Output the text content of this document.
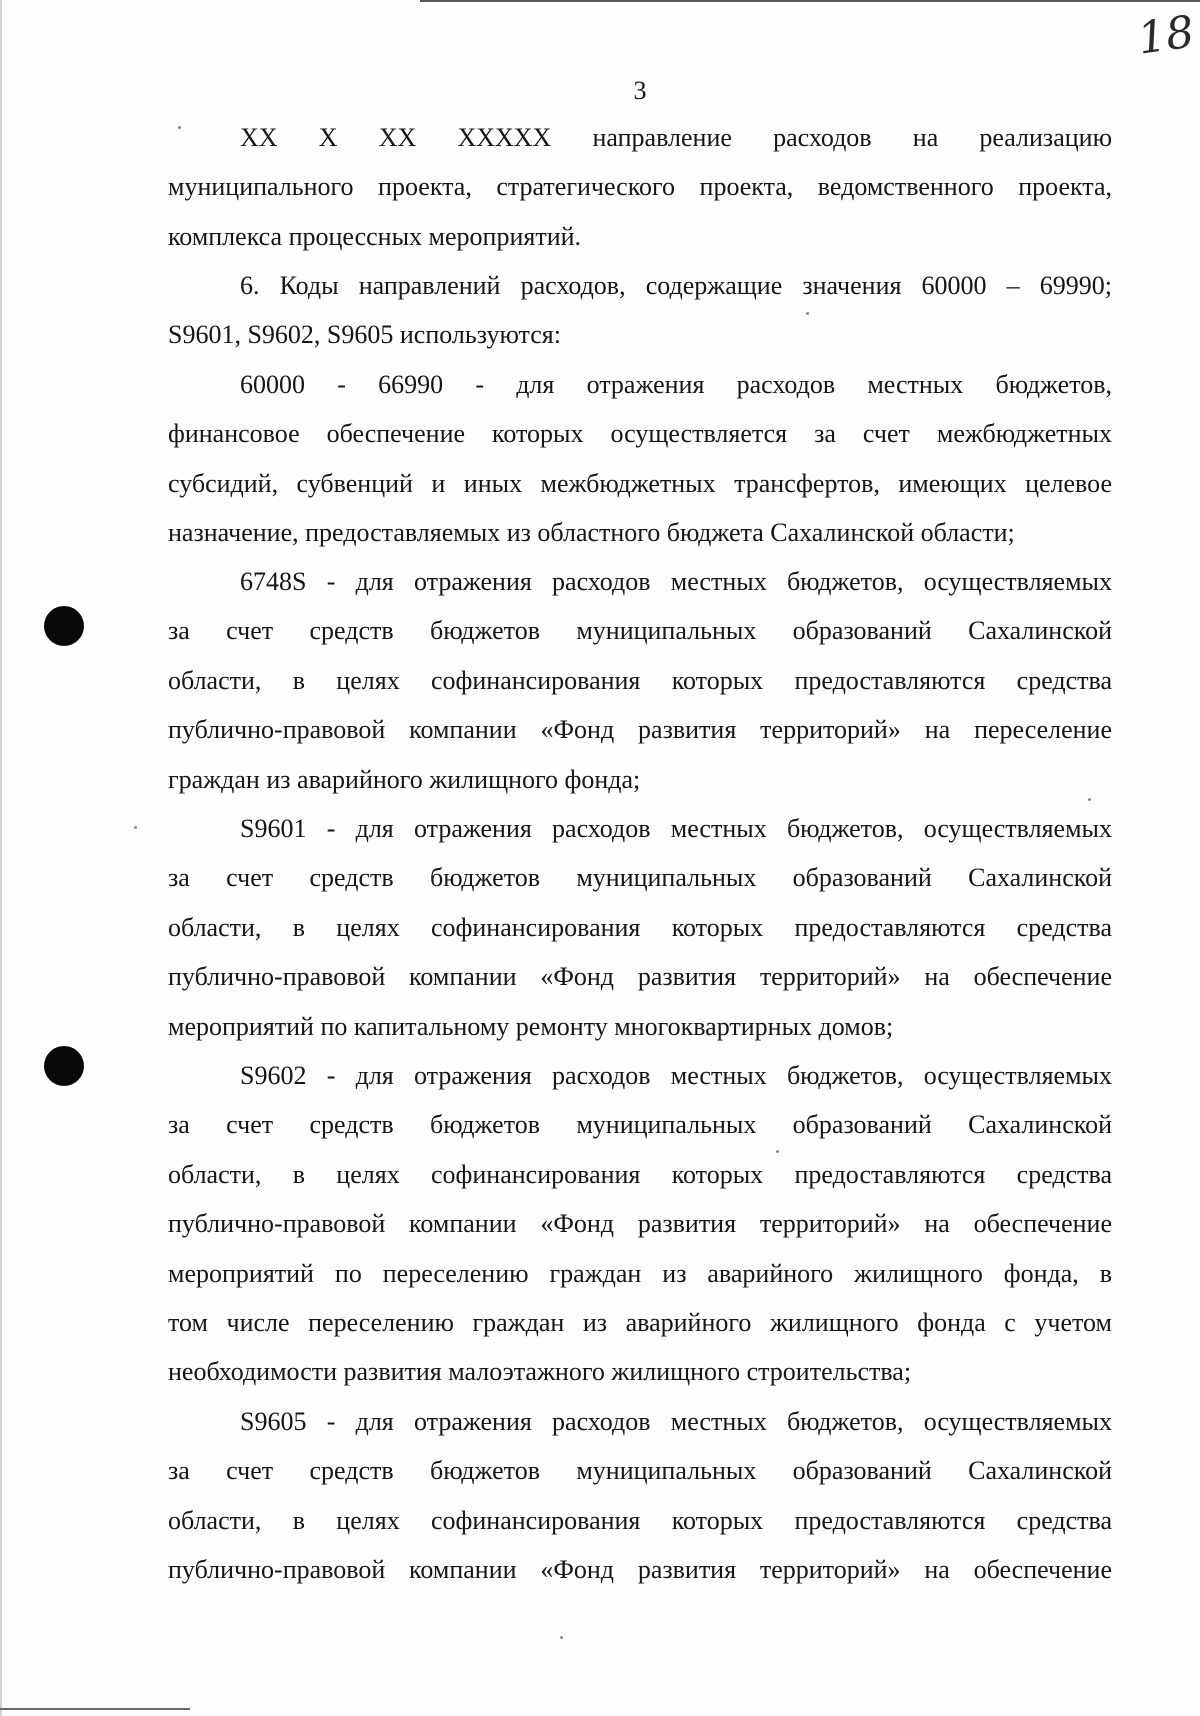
18
3
XX X XX XXXXX направление расходов на реализацию
муниципального проекта, стратегического проекта, ведомственного проекта,
комплекса процессных мероприятий.
6. Коды направлений расходов, содержащие значения 60000 – 69990;
S9601, S9602, S9605 используются:
60000 - 66990 - для отражения расходов местных бюджетов,
финансовое обеспечение которых осуществляется за счет межбюджетных
субсидий, субвенций и иных межбюджетных трансфертов, имеющих целевое
назначение, предоставляемых из областного бюджета Сахалинской области;
6748S - для отражения расходов местных бюджетов, осуществляемых
за счет средств бюджетов муниципальных образований Сахалинской
области, в целях софинансирования которых предоставляются средства
публично-правовой компании «Фонд развития территорий» на переселение
граждан из аварийного жилищного фонда;
S9601 - для отражения расходов местных бюджетов, осуществляемых
за счет средств бюджетов муниципальных образований Сахалинской
области, в целях софинансирования которых предоставляются средства
публично-правовой компании «Фонд развития территорий» на обеспечение
мероприятий по капитальному ремонту многоквартирных домов;
S9602 - для отражения расходов местных бюджетов, осуществляемых
за счет средств бюджетов муниципальных образований Сахалинской
области, в целях софинансирования которых предоставляются средства
публично-правовой компании «Фонд развития территорий» на обеспечение
мероприятий по переселению граждан из аварийного жилищного фонда, в
том числе переселению граждан из аварийного жилищного фонда с учетом
необходимости развития малоэтажного жилищного строительства;
S9605 - для отражения расходов местных бюджетов, осуществляемых
за счет средств бюджетов муниципальных образований Сахалинской
области, в целях софинансирования которых предоставляются средства
публично-правовой компании «Фонд развития территорий» на обеспечение
